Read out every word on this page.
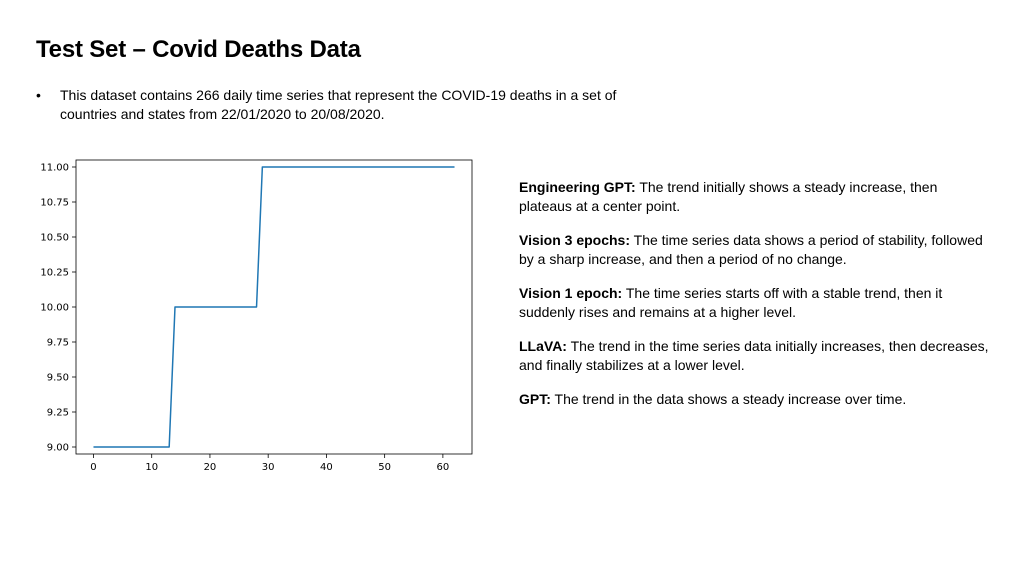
Test Set – Covid Deaths Data
• This dataset contains 266 daily time series that represent the COVID-19 deaths in a set of countries and states from 22/01/2020 to 20/08/2020.
0	10	20	30	40	50	60
9.00
9.25
9.50
9.75
10.00
10.25
10.50
10.75
11.00

Engineering GPT: The trend initially shows a steady increase, then plateaus at a center point.

Vision 3 epochs: The time series data shows a period of stability, followed by a sharp increase, and then a period of no change.

Vision 1 epoch: The time series starts off with a stable trend, then it suddenly rises and remains at a higher level.

LLaVA: The trend in the time series data initially increases, then decreases, and finally stabilizes at a lower level.

GPT: The trend in the data shows a steady increase over time.
